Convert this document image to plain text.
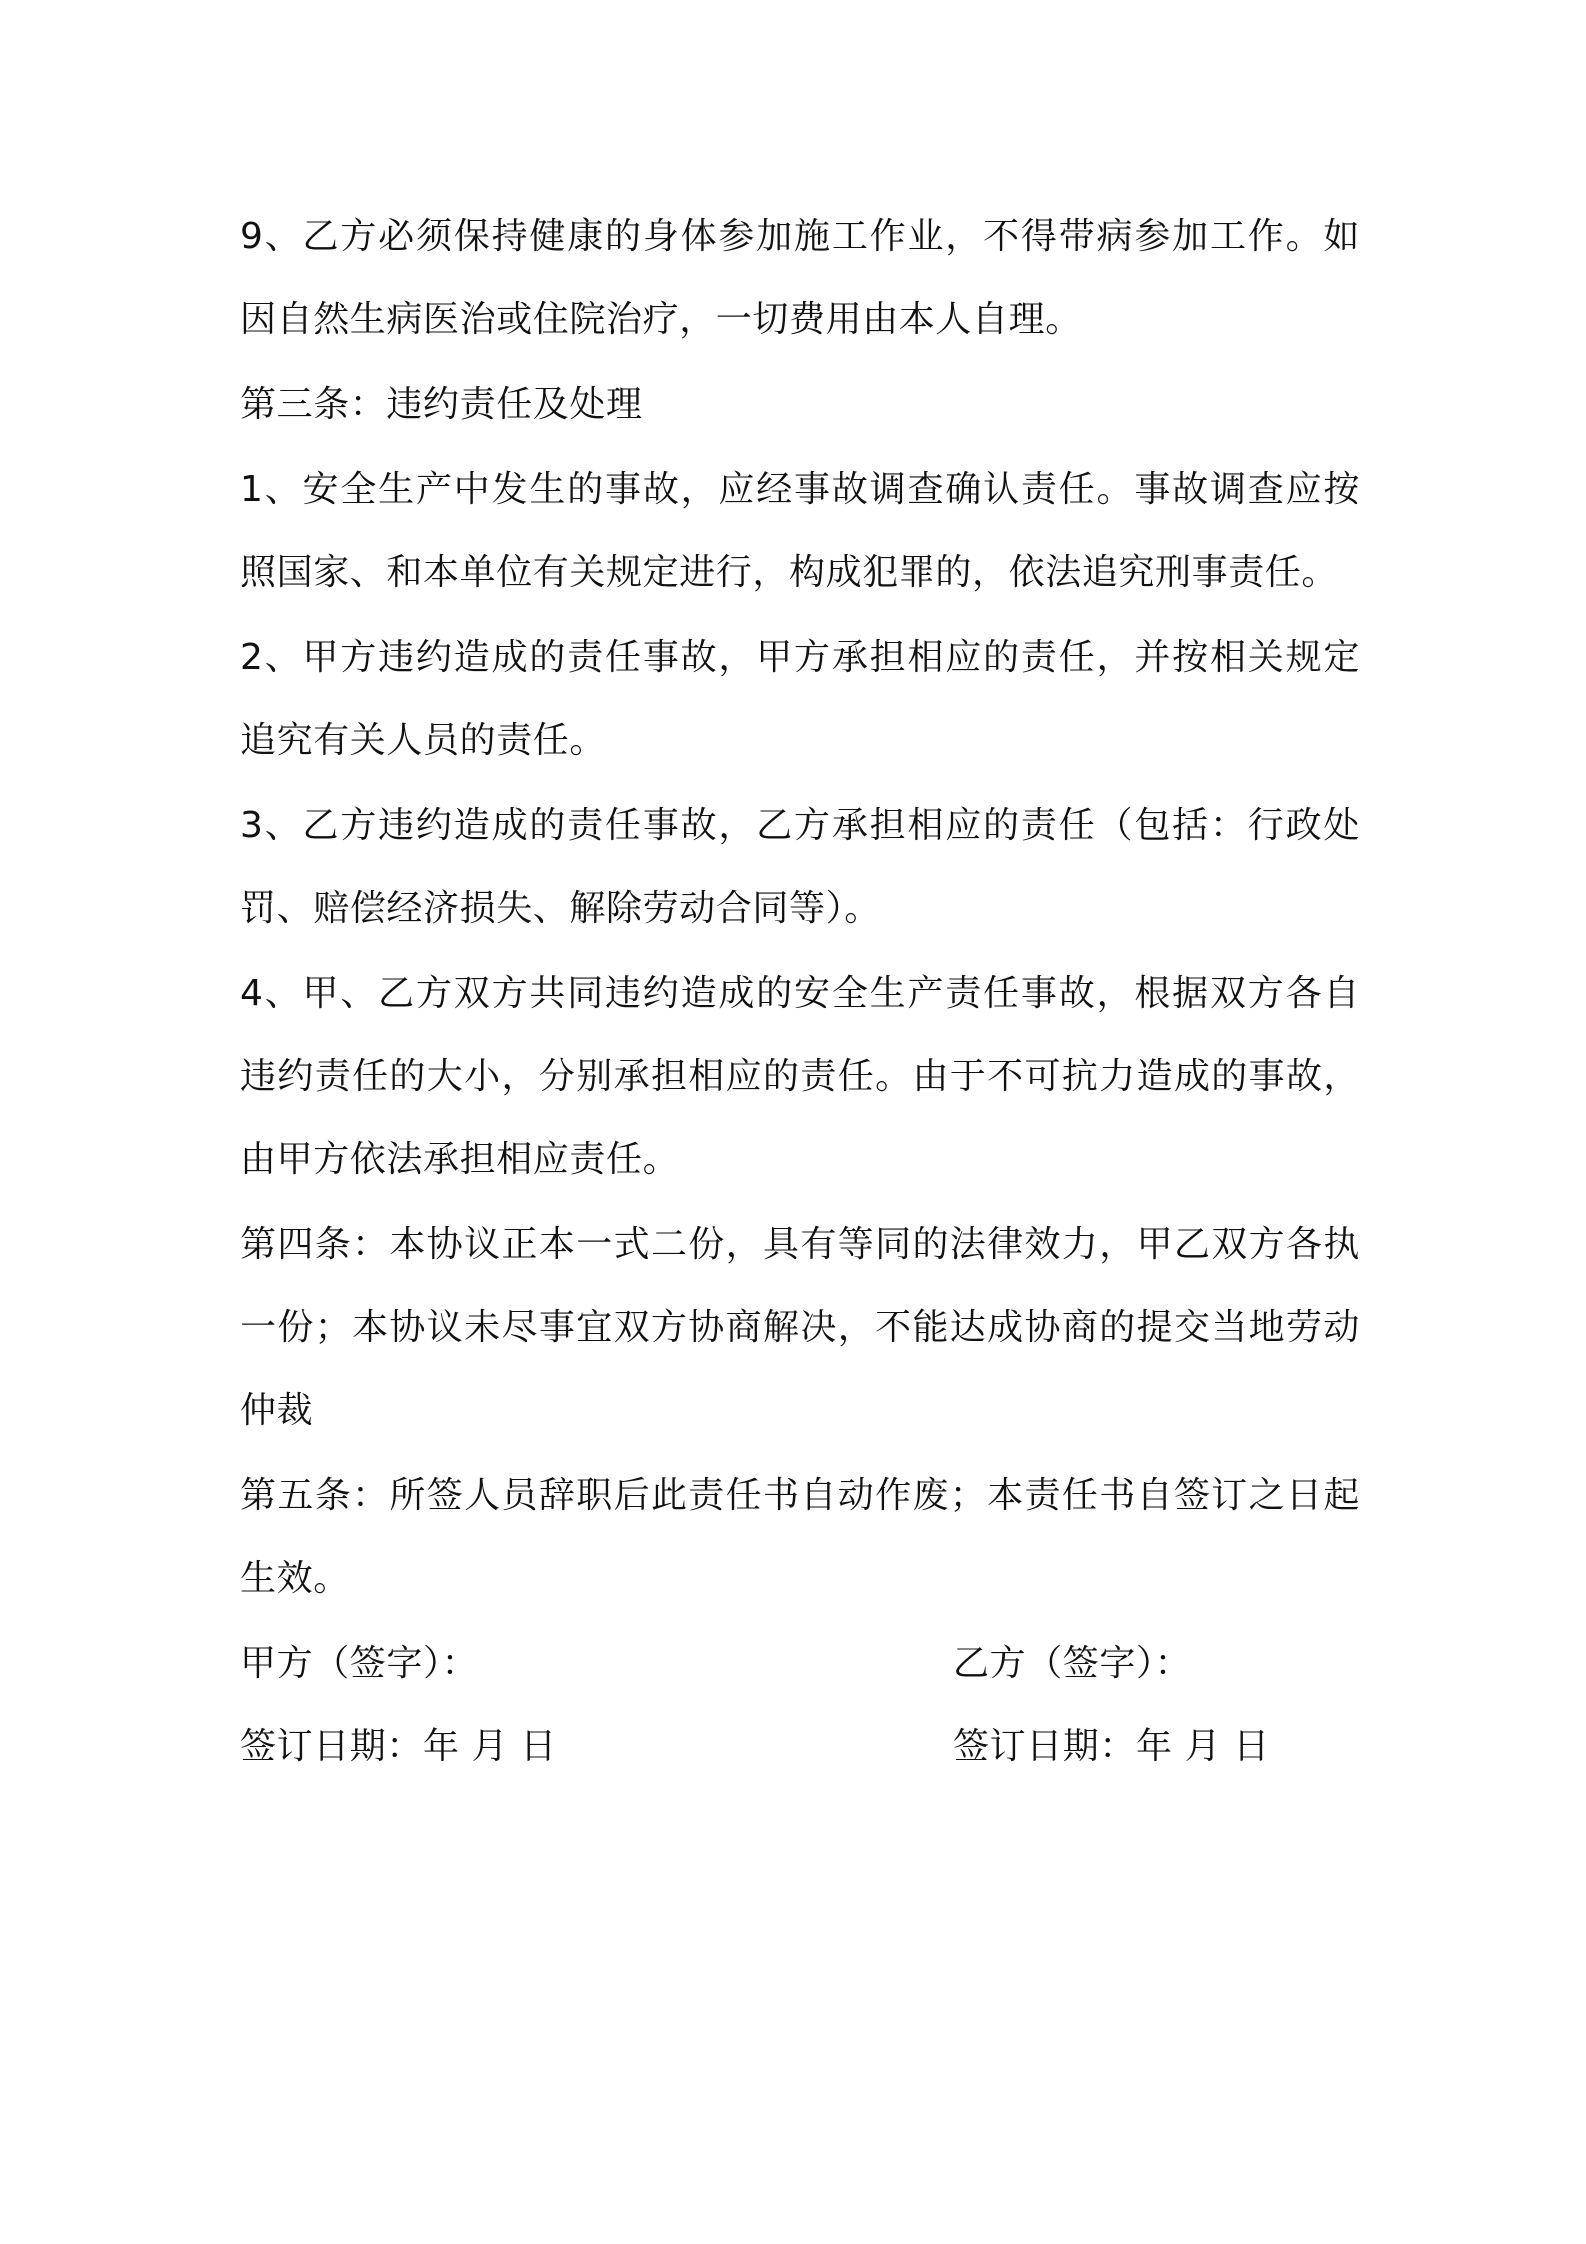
9、乙方必须保持健康的身体参加施工作业，不得带病参加工作。如因自然生病医治或住院治疗，一切费用由本人自理。

第三条：违约责任及处理

1、安全生产中发生的事故，应经事故调查确认责任。事故调查应按照国家、和本单位有关规定进行，构成犯罪的，依法追究刑事责任。

2、甲方违约造成的责任事故，甲方承担相应的责任，并按相关规定追究有关人员的责任。

3、乙方违约造成的责任事故，乙方承担相应的责任（包括：行政处罚、赔偿经济损失、解除劳动合同等）。

4、甲、乙方双方共同违约造成的安全生产责任事故，根据双方各自违约责任的大小，分别承担相应的责任。由于不可抗力造成的事故，由甲方依法承担相应责任。

第四条：本协议正本一式二份，具有等同的法律效力，甲乙双方各执一份；本协议未尽事宜双方协商解决，不能达成协商的提交当地劳动仲裁

第五条：所签人员辞职后此责任书自动作废；本责任书自签订之日起生效。

甲方（签字）：	乙方（签字）：
签订日期：年 月 日	签订日期：年 月 日
